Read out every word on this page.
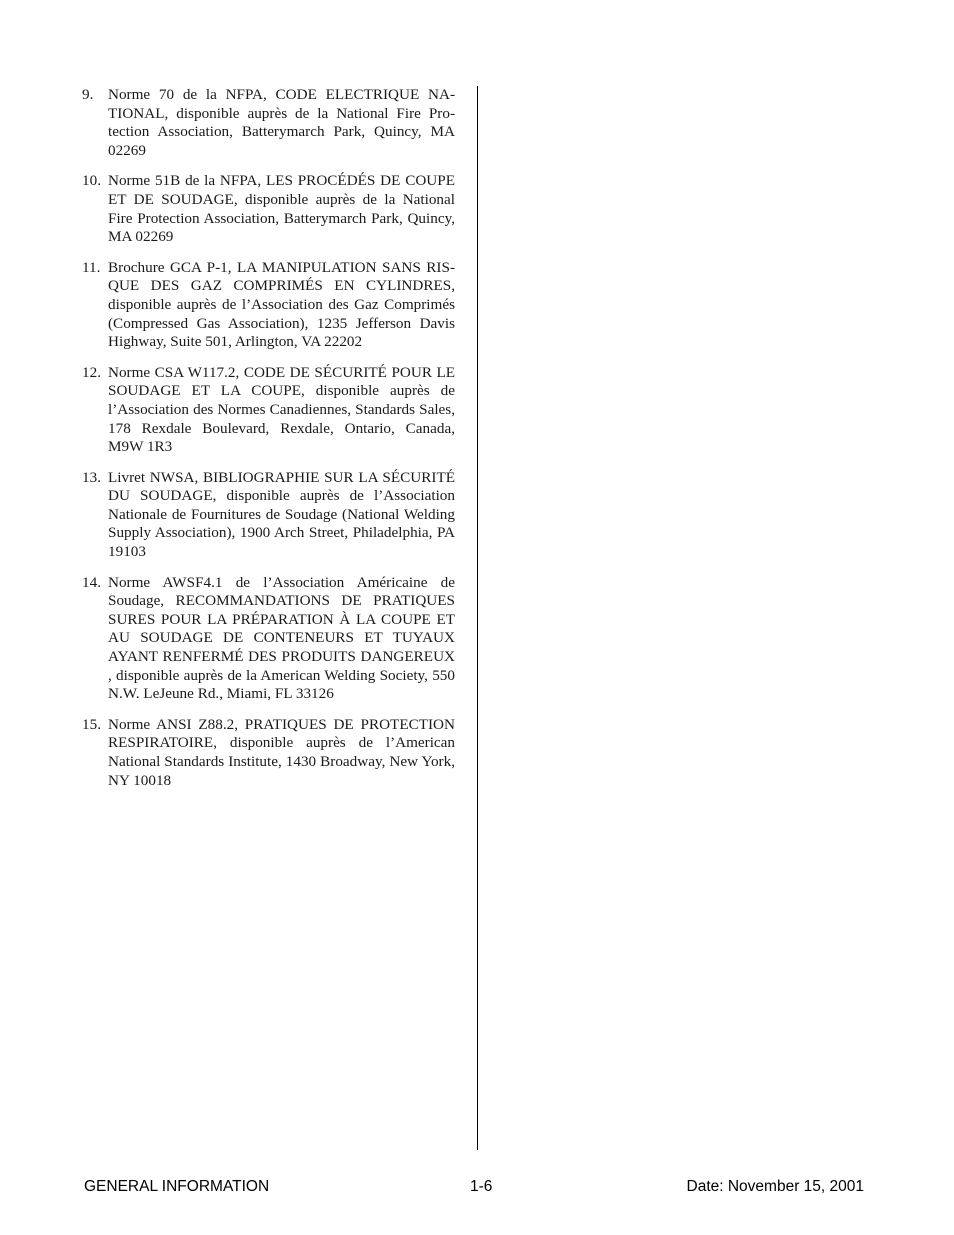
9. Norme 70 de la NFPA, CODE ELECTRIQUE NATIONAL, disponible auprès de la National Fire Protection Association, Batterymarch Park, Quincy, MA 02269
10. Norme 51B de la NFPA, LES PROCÉDÉS DE COUPE ET DE SOUDAGE, disponible auprès de la National Fire Protection Association, Batterymarch Park, Quincy, MA 02269
11. Brochure GCA P-1, LA MANIPULATION SANS RISQUE DES GAZ COMPRIMÉS EN CYLINDRES, disponible auprès de l’Association des Gaz Comprimés (Compressed Gas Association), 1235 Jefferson Davis Highway, Suite 501, Arlington, VA 22202
12. Norme CSA W117.2, CODE DE SÉCURITÉ POUR LE SOUDAGE ET LA COUPE, disponible auprès de l’Association des Normes Canadiennes, Standards Sales, 178 Rexdale Boulevard, Rexdale, Ontario, Canada, M9W 1R3
13. Livret NWSA, BIBLIOGRAPHIE SUR LA SÉCURITÉ DU SOUDAGE, disponible auprès de l’Association Nationale de Fournitures de Soudage (National Welding Supply Association), 1900 Arch Street, Philadelphia, PA 19103
14. Norme AWSF4.1 de l’Association Américaine de Soudage, RECOMMANDATIONS DE PRATIQUES SURES POUR LA PRÉPARATION À LA COUPE ET AU SOUDAGE DE CONTENEURS ET TUYAUX AYANT RENFERMÉ DES PRODUITS DANGEREUX , disponible auprès de la American Welding Society, 550 N.W. LeJeune Rd., Miami, FL 33126
15. Norme ANSI Z88.2, PRATIQUES DE PROTECTION RESPIRATOIRE, disponible auprès de l’American National Standards Institute, 1430 Broadway, New York, NY 10018
GENERAL INFORMATION	1-6	Date: November 15, 2001
